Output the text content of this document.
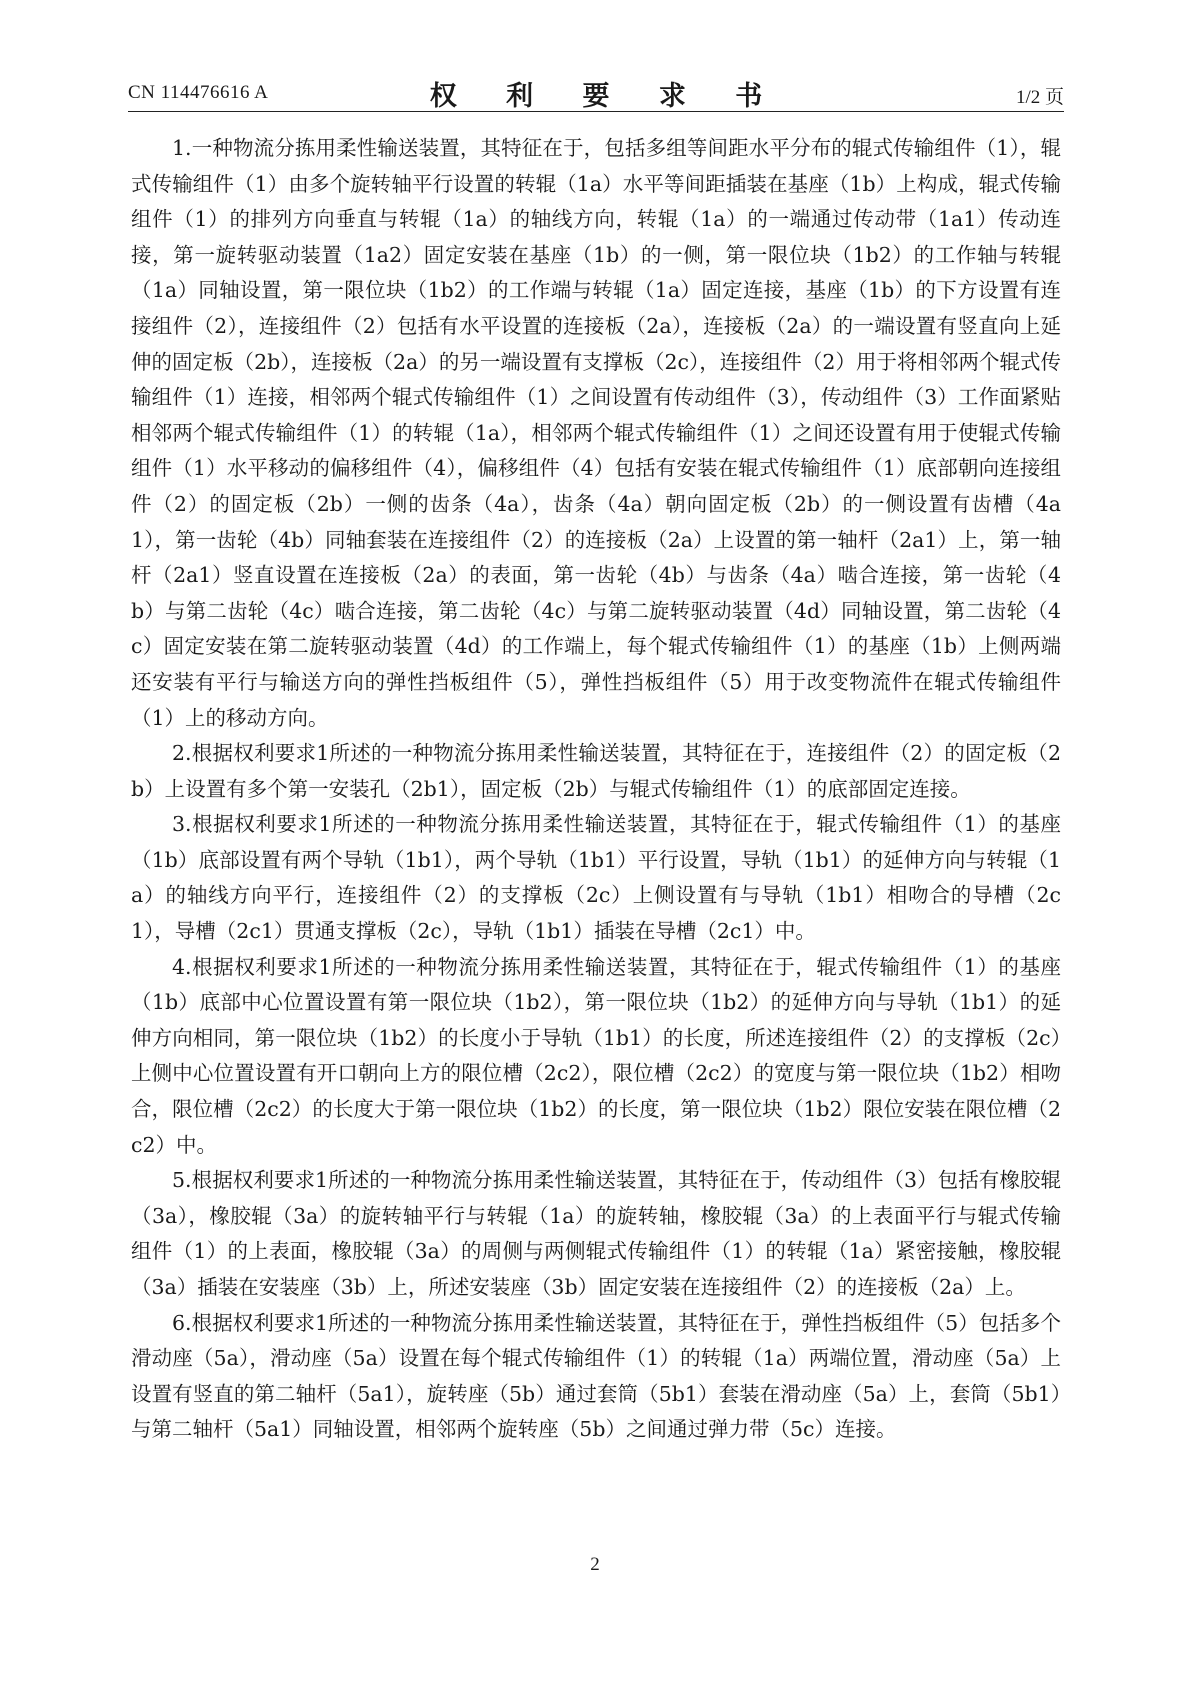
CN 114476616 A	权 利 要 求 书	1/2 页

1.一种物流分拣用柔性输送装置，其特征在于，包括多组等间距水平分布的辊式传输组件（1），辊式传输组件（1）由多个旋转轴平行设置的转辊（1a）水平等间距插装在基座（1b）上构成，辊式传输组件（1）的排列方向垂直与转辊（1a）的轴线方向，转辊（1a）的一端通过传动带（1a1）传动连接，第一旋转驱动装置（1a2）固定安装在基座（1b）的一侧，第一限位块（1b2）的工作轴与转辊（1a）同轴设置，第一限位块（1b2）的工作端与转辊（1a）固定连接，基座（1b）的下方设置有连接组件（2），连接组件（2）包括有水平设置的连接板（2a），连接板（2a）的一端设置有竖直向上延伸的固定板（2b），连接板（2a）的另一端设置有支撑板（2c），连接组件（2）用于将相邻两个辊式传输组件（1）连接，相邻两个辊式传输组件（1）之间设置有传动组件（3），传动组件（3）工作面紧贴相邻两个辊式传输组件（1）的转辊（1a），相邻两个辊式传输组件（1）之间还设置有用于使辊式传输组件（1）水平移动的偏移组件（4），偏移组件（4）包括有安装在辊式传输组件（1）底部朝向连接组件（2）的固定板（2b）一侧的齿条（4a），齿条（4a）朝向固定板（2b）的一侧设置有齿槽（4a1），第一齿轮（4b）同轴套装在连接组件（2）的连接板（2a）上设置的第一轴杆（2a1）上，第一轴杆（2a1）竖直设置在连接板（2a）的表面，第一齿轮（4b）与齿条（4a）啮合连接，第一齿轮（4b）与第二齿轮（4c）啮合连接，第二齿轮（4c）与第二旋转驱动装置（4d）同轴设置，第二齿轮（4c）固定安装在第二旋转驱动装置（4d）的工作端上，每个辊式传输组件（1）的基座（1b）上侧两端还安装有平行与输送方向的弹性挡板组件（5），弹性挡板组件（5）用于改变物流件在辊式传输组件（1）上的移动方向。

2.根据权利要求1所述的一种物流分拣用柔性输送装置，其特征在于，连接组件（2）的固定板（2b）上设置有多个第一安装孔（2b1），固定板（2b）与辊式传输组件（1）的底部固定连接。

3.根据权利要求1所述的一种物流分拣用柔性输送装置，其特征在于，辊式传输组件（1）的基座（1b）底部设置有两个导轨（1b1），两个导轨（1b1）平行设置，导轨（1b1）的延伸方向与转辊（1a）的轴线方向平行，连接组件（2）的支撑板（2c）上侧设置有与导轨（1b1）相吻合的导槽（2c1），导槽（2c1）贯通支撑板（2c），导轨（1b1）插装在导槽（2c1）中。

4.根据权利要求1所述的一种物流分拣用柔性输送装置，其特征在于，辊式传输组件（1）的基座（1b）底部中心位置设置有第一限位块（1b2），第一限位块（1b2）的延伸方向与导轨（1b1）的延伸方向相同，第一限位块（1b2）的长度小于导轨（1b1）的长度，所述连接组件（2）的支撑板（2c）上侧中心位置设置有开口朝向上方的限位槽（2c2），限位槽（2c2）的宽度与第一限位块（1b2）相吻合，限位槽（2c2）的长度大于第一限位块（1b2）的长度，第一限位块（1b2）限位安装在限位槽（2c2）中。

5.根据权利要求1所述的一种物流分拣用柔性输送装置，其特征在于，传动组件（3）包括有橡胶辊（3a），橡胶辊（3a）的旋转轴平行与转辊（1a）的旋转轴，橡胶辊（3a）的上表面平行与辊式传输组件（1）的上表面，橡胶辊（3a）的周侧与两侧辊式传输组件（1）的转辊（1a）紧密接触，橡胶辊（3a）插装在安装座（3b）上，所述安装座（3b）固定安装在连接组件（2）的连接板（2a）上。

6.根据权利要求1所述的一种物流分拣用柔性输送装置，其特征在于，弹性挡板组件（5）包括多个滑动座（5a），滑动座（5a）设置在每个辊式传输组件（1）的转辊（1a）两端位置，滑动座（5a）上设置有竖直的第二轴杆（5a1），旋转座（5b）通过套筒（5b1）套装在滑动座（5a）上，套筒（5b1）与第二轴杆（5a1）同轴设置，相邻两个旋转座（5b）之间通过弹力带（5c）连接。

2
